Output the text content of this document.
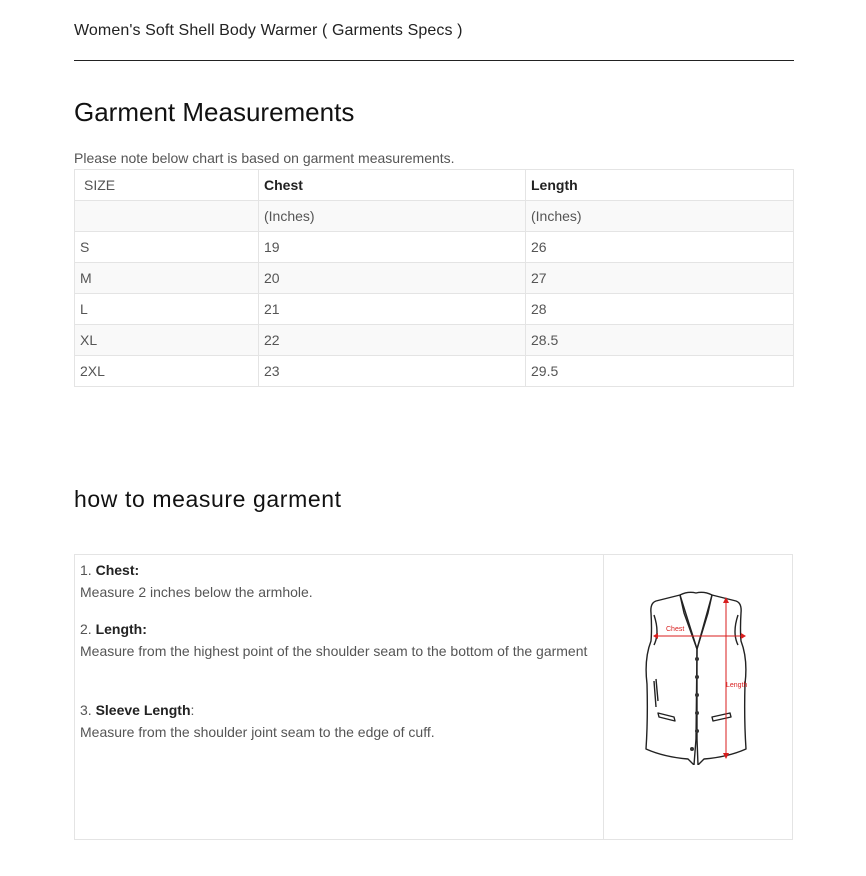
Women's Soft Shell Body Warmer ( Garments Specs )
Garment Measurements
Please note below chart is based on garment measurements.
SIZE	Chest	Length
	(Inches)	(Inches)
S	19	26
M	20	27
L	21	28
XL	22	28.5
2XL	23	29.5
how to measure garment
1. Chest:
Measure 2 inches below the armhole.
2. Length:
Measure from the highest point of the shoulder seam to the bottom of the garment
3. Sleeve Length:
Measure from the shoulder joint seam to the edge of cuff.
Chest
Length
